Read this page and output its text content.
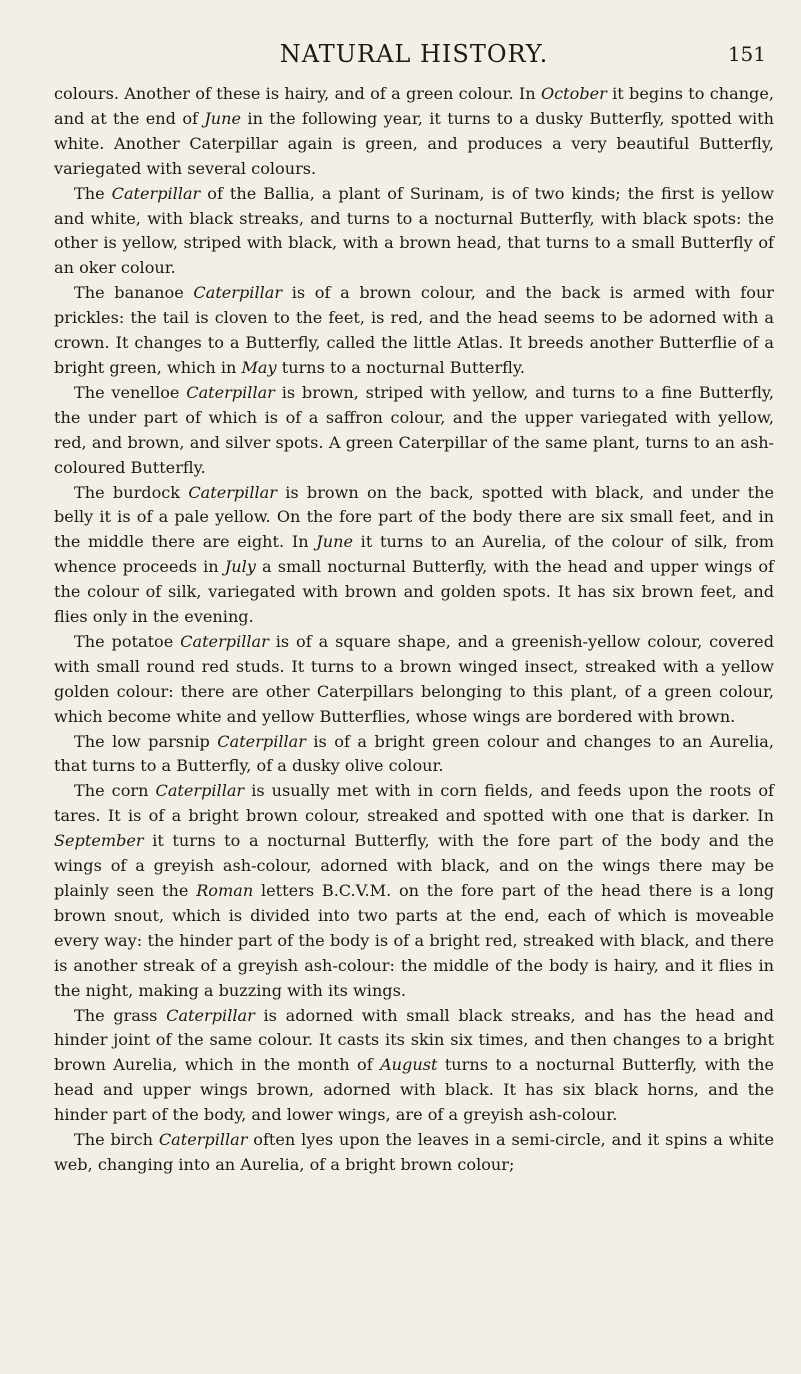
NATURAL HISTORY.	151

colours. Another of these is hairy, and of a green colour. In October it begins to change, and at the end of June in the following year, it turns to a dusky Butterfly, spotted with white. Another Caterpillar again is green, and produces a very beautiful Butterfly, variegated with several colours.

The Caterpillar of the Ballia, a plant of Surinam, is of two kinds; the first is yellow and white, with black streaks, and turns to a nocturnal Butterfly, with black spots: the other is yellow, striped with black, with a brown head, that turns to a small Butterfly of an oker colour.

The bananoe Caterpillar is of a brown colour, and the back is armed with four prickles: the tail is cloven to the feet, is red, and the head seems to be adorned with a crown. It changes to a Butterfly, called the little Atlas. It breeds another Butterflie of a bright green, which in May turns to a nocturnal Butterfly.

The venelloe Caterpillar is brown, striped with yellow, and turns to a fine Butterfly, the under part of which is of a saffron colour, and the upper variegated with yellow, red, and brown, and silver spots. A green Caterpillar of the same plant, turns to an ash-coloured Butterfly.

The burdock Caterpillar is brown on the back, spotted with black, and under the belly it is of a pale yellow. On the fore part of the body there are six small feet, and in the middle there are eight. In June it turns to an Aurelia, of the colour of silk, from whence proceeds in July a small nocturnal Butterfly, with the head and upper wings of the colour of silk, variegated with brown and golden spots. It has six brown feet, and flies only in the evening.

The potatoe Caterpillar is of a square shape, and a greenish-yellow colour, covered with small round red studs. It turns to a brown winged insect, streaked with a yellow golden colour: there are other Caterpillars belonging to this plant, of a green colour, which become white and yellow Butterflies, whose wings are bordered with brown.

The low parsnip Caterpillar is of a bright green colour and changes to an Aurelia, that turns to a Butterfly, of a dusky olive colour.

The corn Caterpillar is usually met with in corn fields, and feeds upon the roots of tares. It is of a bright brown colour, streaked and spotted with one that is darker. In September it turns to a nocturnal Butterfly, with the fore part of the body and the wings of a greyish ash-colour, adorned with black, and on the wings there may be plainly seen the Roman letters B.C.V.M. on the fore part of the head there is a long brown snout, which is divided into two parts at the end, each of which is moveable every way: the hinder part of the body is of a bright red, streaked with black, and there is another streak of a greyish ash-colour: the middle of the body is hairy, and it flies in the night, making a buzzing with its wings.

The grass Caterpillar is adorned with small black streaks, and has the head and hinder joint of the same colour. It casts its skin six times, and then changes to a bright brown Aurelia, which in the month of August turns to a nocturnal Butterfly, with the head and upper wings brown, adorned with black. It has six black horns, and the hinder part of the body, and lower wings, are of a greyish ash-colour.

The birch Caterpillar often lyes upon the leaves in a semi-circle, and it spins a white web, changing into an Aurelia, of a bright brown colour;
